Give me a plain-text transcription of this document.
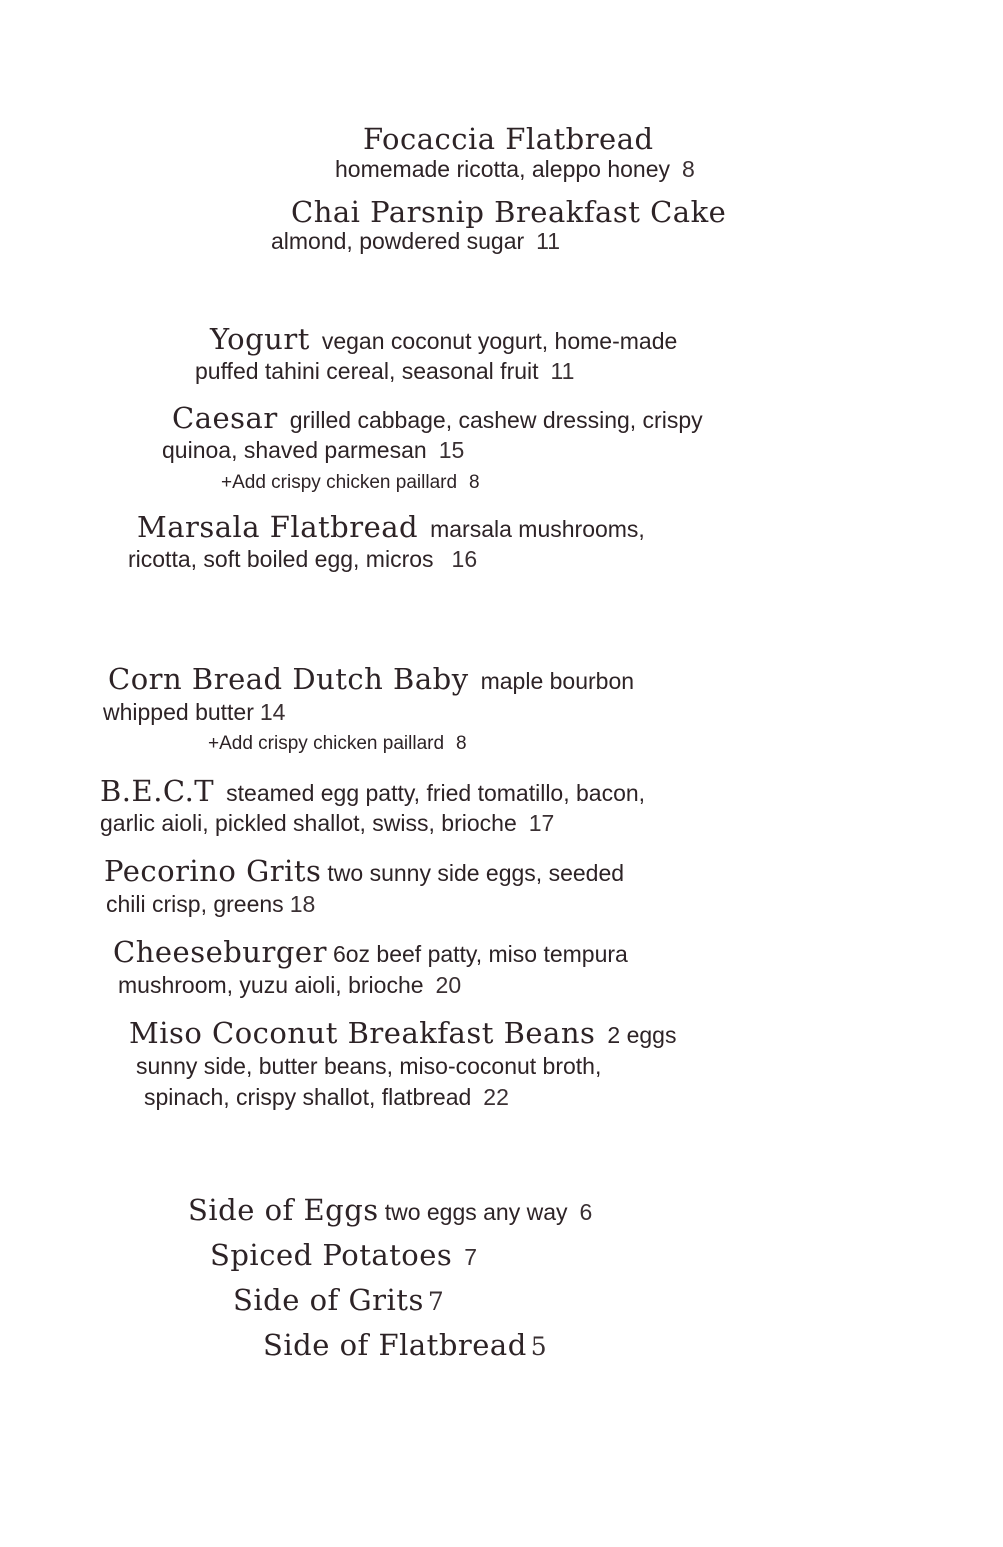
Focaccia Flatbread
homemade ricotta, aleppo honey 8
Chai Parsnip Breakfast Cake
almond, powdered sugar 11
Yogurt vegan coconut yogurt, home-made
puffed tahini cereal, seasonal fruit 11
Caesar grilled cabbage, cashew dressing, crispy
quinoa, shaved parmesan 15
+Add crispy chicken paillard 8
Marsala Flatbread marsala mushrooms,
ricotta, soft boiled egg, micros 16
Corn Bread Dutch Baby maple bourbon
whipped butter 14
+Add crispy chicken paillard 8
B.E.C.T steamed egg patty, fried tomatillo, bacon,
garlic aioli, pickled shallot, swiss, brioche 17
Pecorino Grits two sunny side eggs, seeded
chili crisp, greens 18
Cheeseburger 6oz beef patty, miso tempura
mushroom, yuzu aioli, brioche 20
Miso Coconut Breakfast Beans 2 eggs
sunny side, butter beans, miso-coconut broth,
spinach, crispy shallot, flatbread 22
Side of Eggs two eggs any way 6
Spiced Potatoes 7
Side of Grits 7
Side of Flatbread 5
